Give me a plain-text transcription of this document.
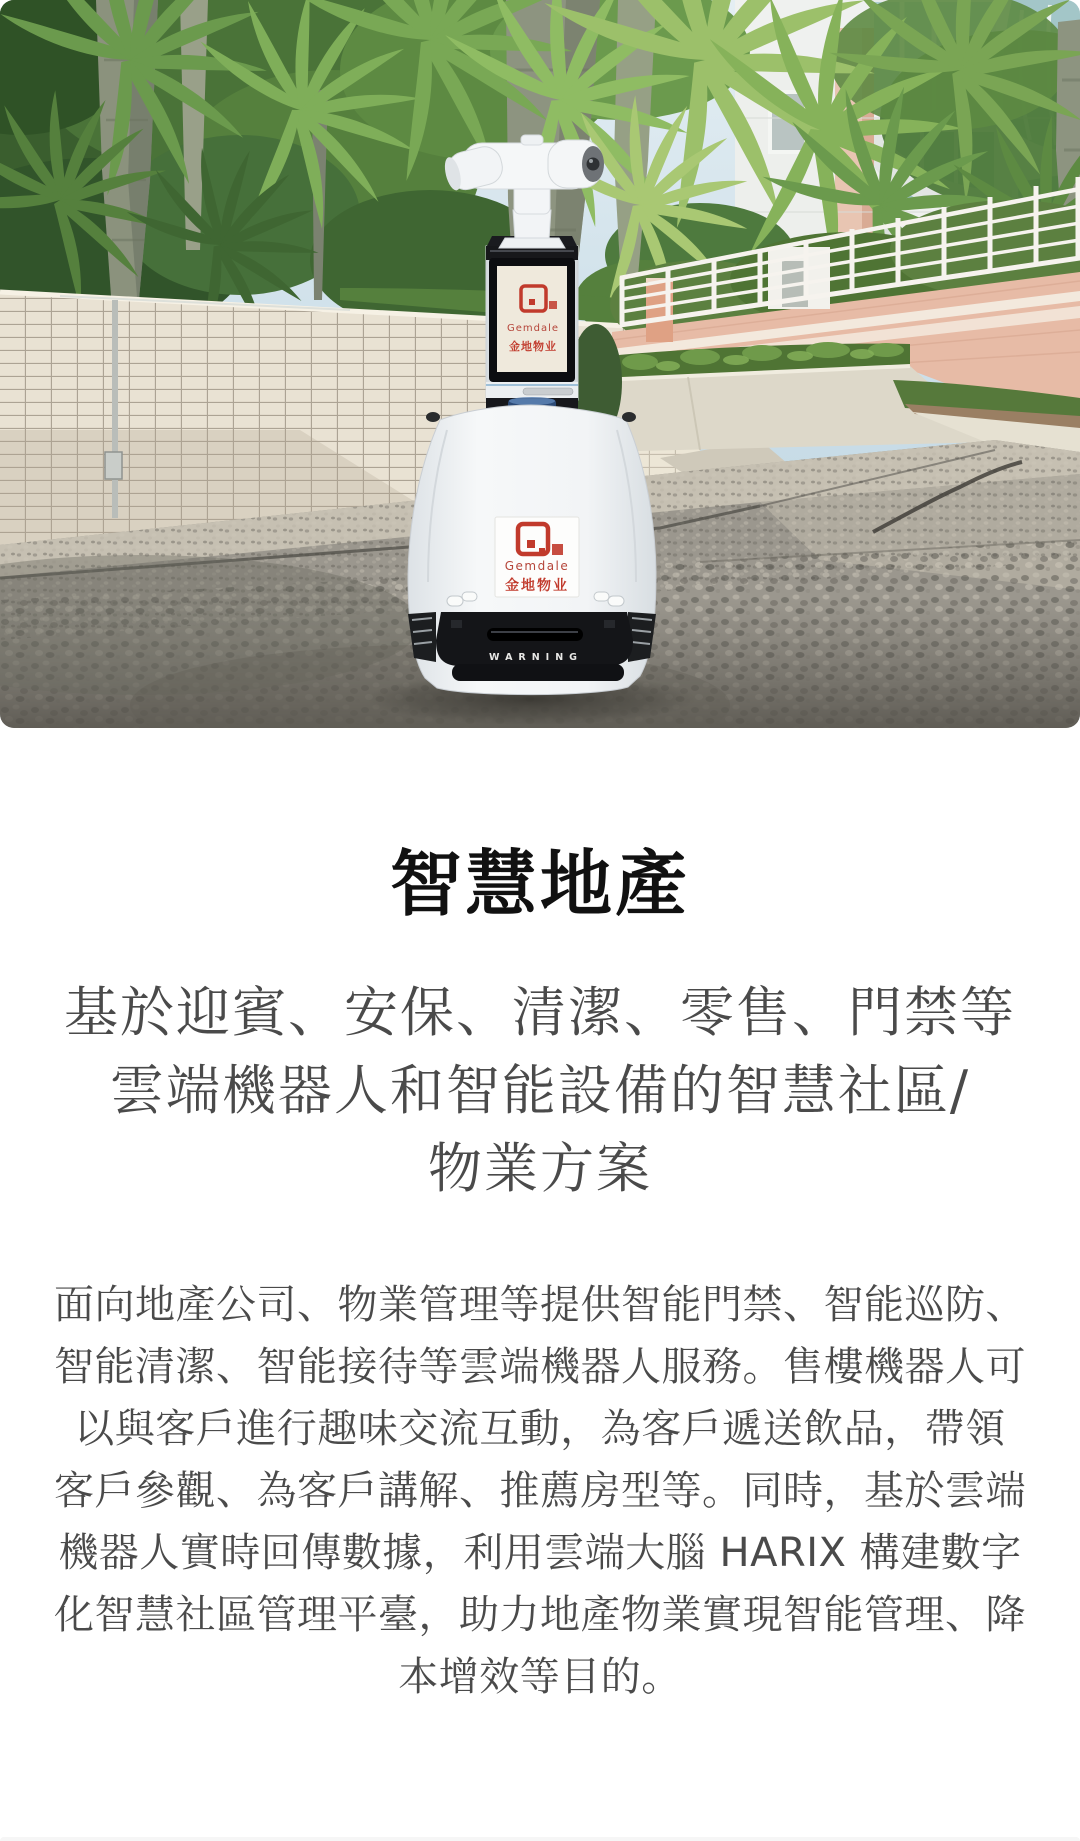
Gemdale
金地物业
Gemdale
金地物业
WARNING
智慧地產
基於迎賓、安保、清潔、零售、門禁等
雲端機器人和智能設備的智慧社區/
物業方案
面向地產公司、物業管理等提供智能門禁、智能巡防、
智能清潔、智能接待等雲端機器人服務。售樓機器人可
以與客戶進行趣味交流互動，為客戶遞送飲品，帶領
客戶參觀、為客戶講解、推薦房型等。同時，基於雲端
機器人實時回傳數據，利用雲端大腦 HARIX 構建數字
化智慧社區管理平臺，助力地產物業實現智能管理、降
本增效等目的。
